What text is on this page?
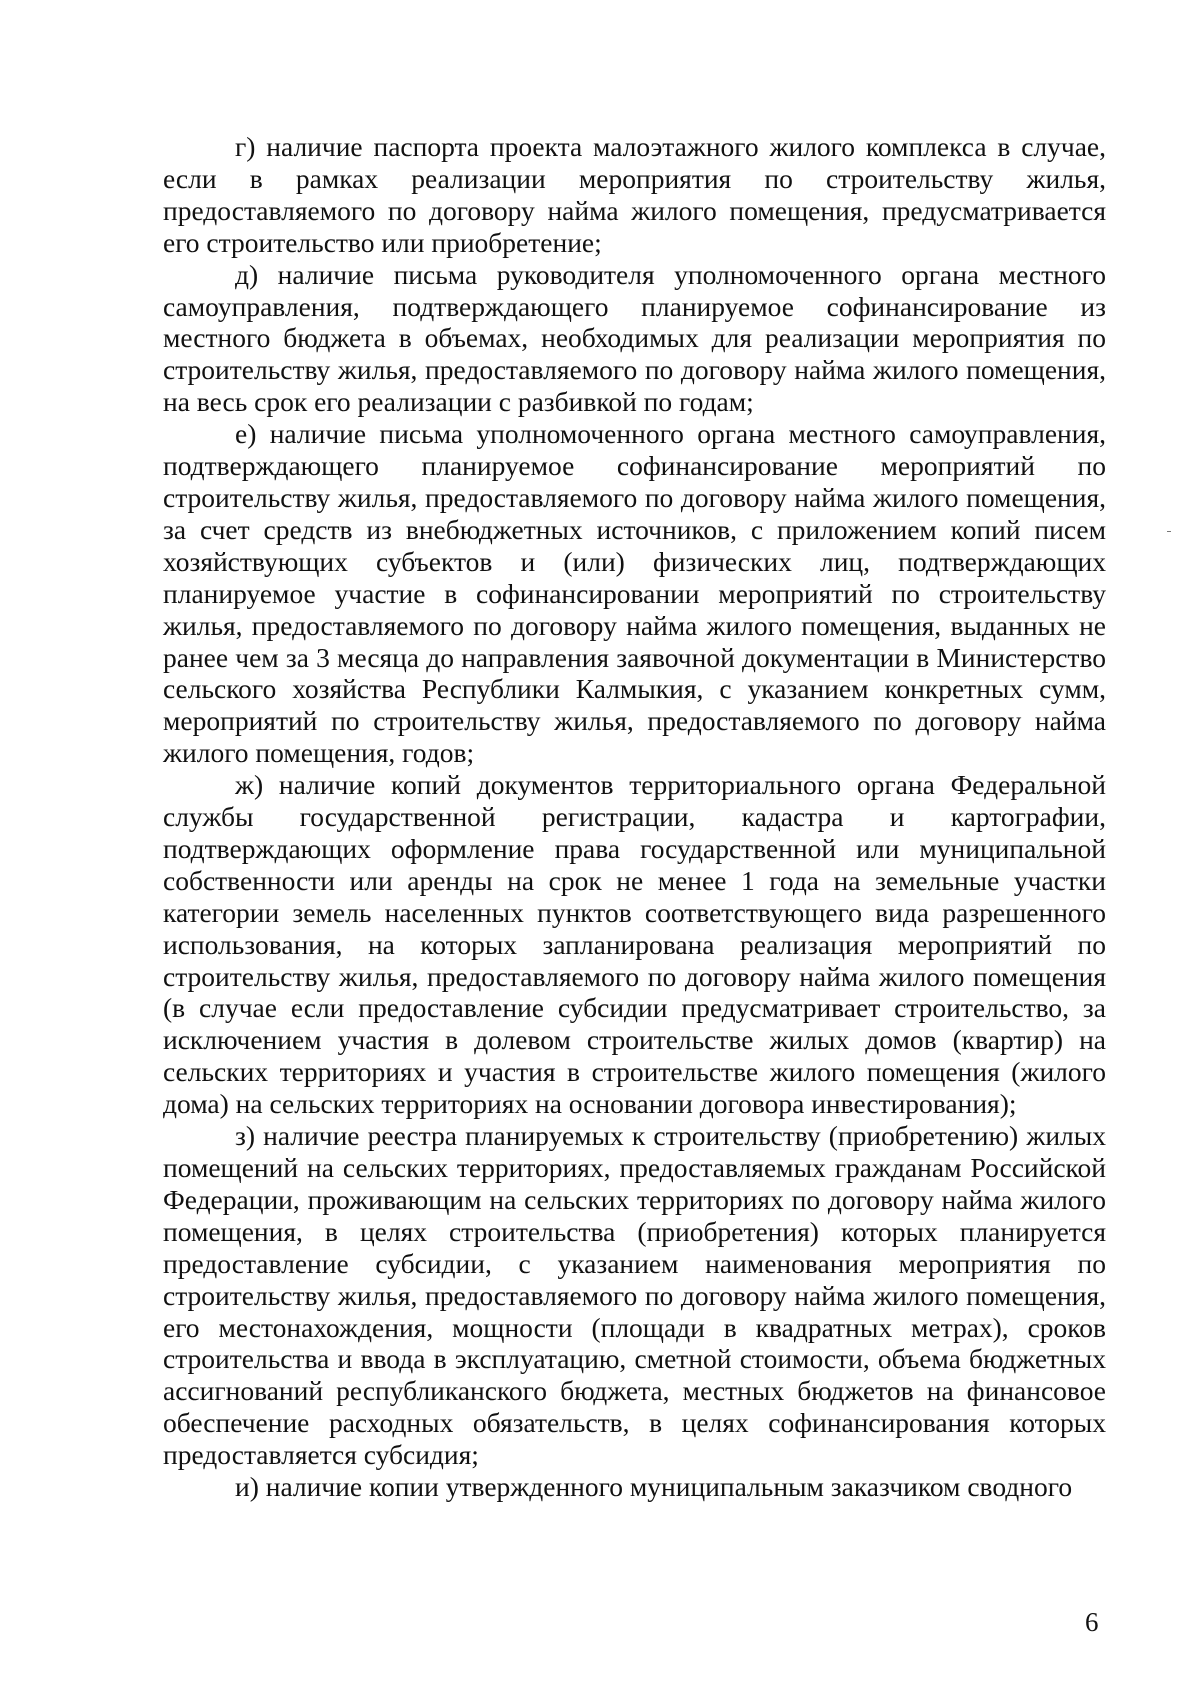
г) наличие паспорта проекта малоэтажного жилого комплекса в случае, если в рамках реализации мероприятия по строительству жилья, предоставляемого по договору найма жилого помещения, предусматривается его строительство или приобретение;

д) наличие письма руководителя уполномоченного органа местного самоуправления, подтверждающего планируемое софинансирование из местного бюджета в объемах, необходимых для реализации мероприятия по строительству жилья, предоставляемого по договору найма жилого помещения, на весь срок его реализации с разбивкой по годам;

е) наличие письма уполномоченного органа местного самоуправления, подтверждающего планируемое софинансирование мероприятий по строительству жилья, предоставляемого по договору найма жилого помещения, за счет средств из внебюджетных источников, с приложением копий писем хозяйствующих субъектов и (или) физических лиц, подтверждающих планируемое участие в софинансировании мероприятий по строительству жилья, предоставляемого по договору найма жилого помещения, выданных не ранее чем за 3 месяца до направления заявочной документации в Министерство сельского хозяйства Республики Калмыкия, с указанием конкретных сумм, мероприятий по строительству жилья, предоставляемого по договору найма жилого помещения, годов;

ж) наличие копий документов территориального органа Федеральной службы государственной регистрации, кадастра и картографии, подтверждающих оформление права государственной или муниципальной собственности или аренды на срок не менее 1 года на земельные участки категории земель населенных пунктов соответствующего вида разрешенного использования, на которых запланирована реализация мероприятий по строительству жилья, предоставляемого по договору найма жилого помещения (в случае если предоставление субсидии предусматривает строительство, за исключением участия в долевом строительстве жилых домов (квартир) на сельских территориях и участия в строительстве жилого помещения (жилого дома) на сельских территориях на основании договора инвестирования);

з) наличие реестра планируемых к строительству (приобретению) жилых помещений на сельских территориях, предоставляемых гражданам Российской Федерации, проживающим на сельских территориях по договору найма жилого помещения, в целях строительства (приобретения) которых планируется предоставление субсидии, с указанием наименования мероприятия по строительству жилья, предоставляемого по договору найма жилого помещения, его местонахождения, мощности (площади в квадратных метрах), сроков строительства и ввода в эксплуатацию, сметной стоимости, объема бюджетных ассигнований республиканского бюджета, местных бюджетов на финансовое обеспечение расходных обязательств, в целях софинансирования которых предоставляется субсидия;

и) наличие копии утвержденного муниципальным заказчиком сводного

6
